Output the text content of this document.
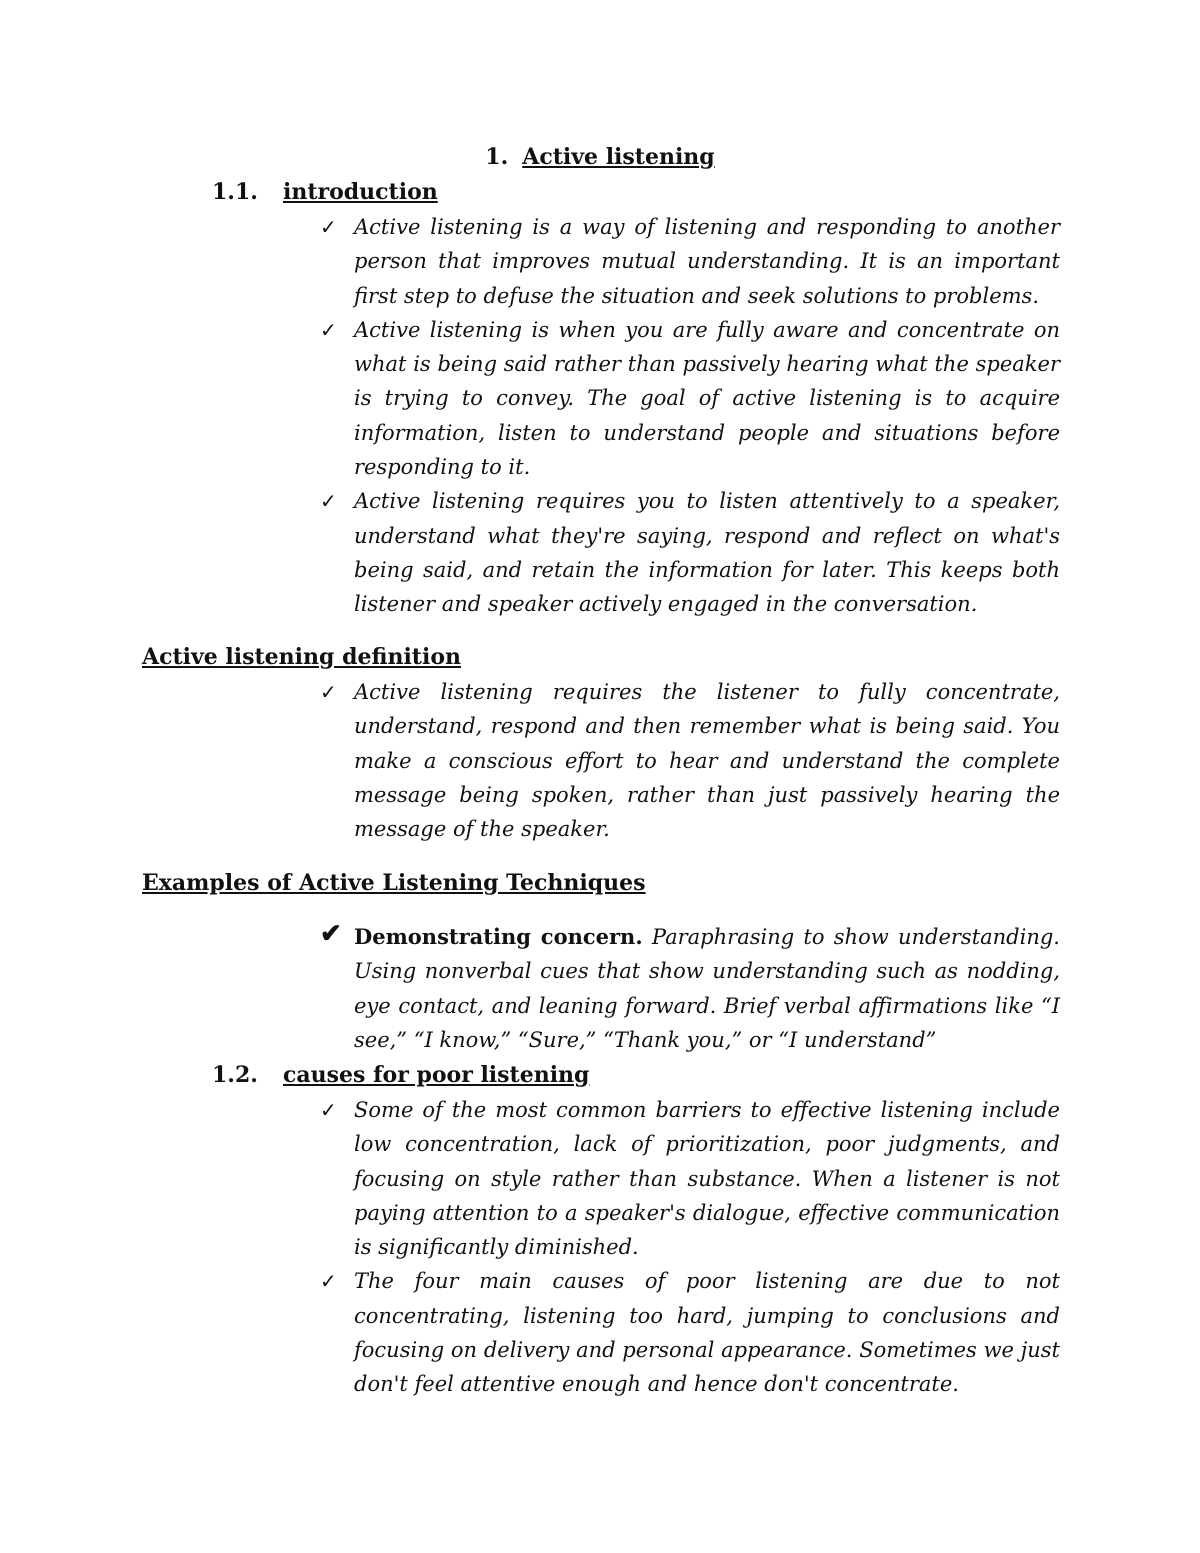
1. Active listening
1.1. introduction
✓ Active listening is a way of listening and responding to another person that improves mutual understanding. It is an important first step to defuse the situation and seek solutions to problems.
✓ Active listening is when you are fully aware and concentrate on what is being said rather than passively hearing what the speaker is trying to convey. The goal of active listening is to acquire information, listen to understand people and situations before responding to it.
✓ Active listening requires you to listen attentively to a speaker, understand what they're saying, respond and reflect on what's being said, and retain the information for later. This keeps both listener and speaker actively engaged in the conversation.
Active listening definition
✓ Active listening requires the listener to fully concentrate, understand, respond and then remember what is being said. You make a conscious effort to hear and understand the complete message being spoken, rather than just passively hearing the message of the speaker.
Examples of Active Listening Techniques
✔ Demonstrating concern. Paraphrasing to show understanding. Using nonverbal cues that show understanding such as nodding, eye contact, and leaning forward. Brief verbal affirmations like “I see,” “I know,” “Sure,” “Thank you,” or “I understand”
1.2. causes for poor listening
✓ Some of the most common barriers to effective listening include low concentration, lack of prioritization, poor judgments, and focusing on style rather than substance. When a listener is not paying attention to a speaker's dialogue, effective communication is significantly diminished.
✓ The four main causes of poor listening are due to not concentrating, listening too hard, jumping to conclusions and focusing on delivery and personal appearance. Sometimes we just don't feel attentive enough and hence don't concentrate.
